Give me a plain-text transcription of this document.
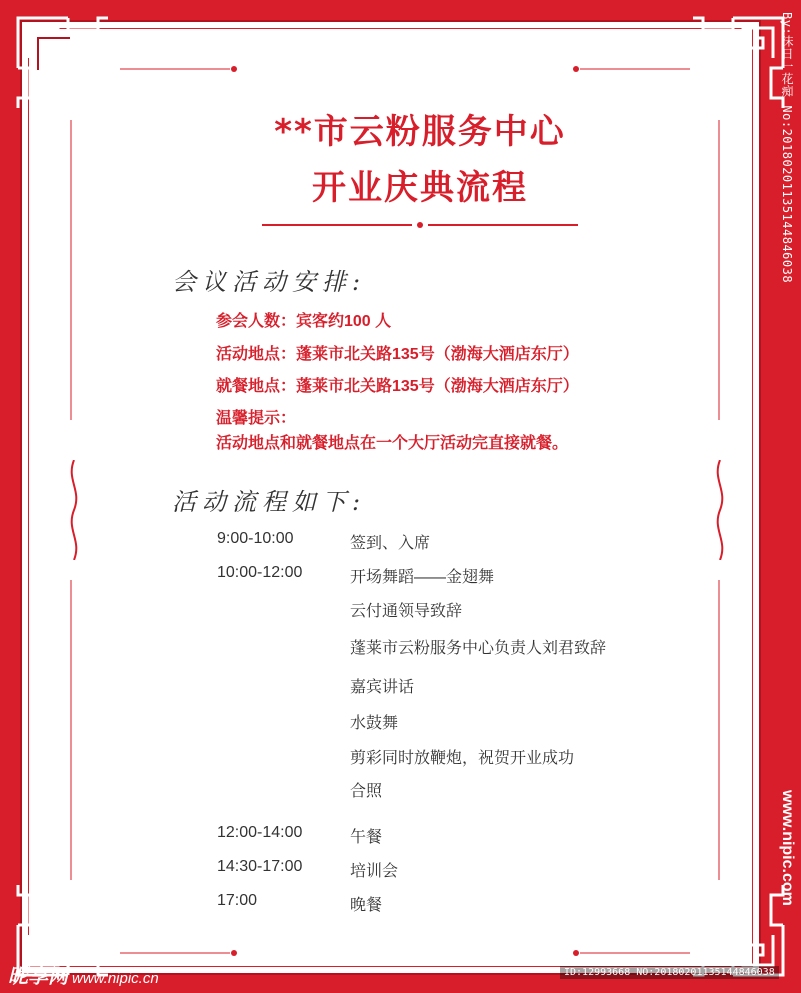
**市云粉服务中心
开业庆典流程
会议活动安排:
参会人数：宾客约100 人
活动地点：蓬莱市北关路135号（渤海大酒店东厅）
就餐地点：蓬莱市北关路135号（渤海大酒店东厅）
温馨提示：
活动地点和就餐地点在一个大厅活动完直接就餐。
活动流程如下:
9:00-10:00	签到、入席
10:00-12:00	开场舞蹈——金翅舞
云付通领导致辞
蓬莱市云粉服务中心负责人刘君致辞
嘉宾讲话
水鼓舞
剪彩同时放鞭炮，祝贺开业成功
合照
12:00-14:00	午餐
14:30-17:00	培训会
17:00	晚餐
By:沫日一花痴 No:20180201135144846038
www.nipic.com
昵享网 www.nipic.cn	ID:12993668 NO:20180201135144846038
